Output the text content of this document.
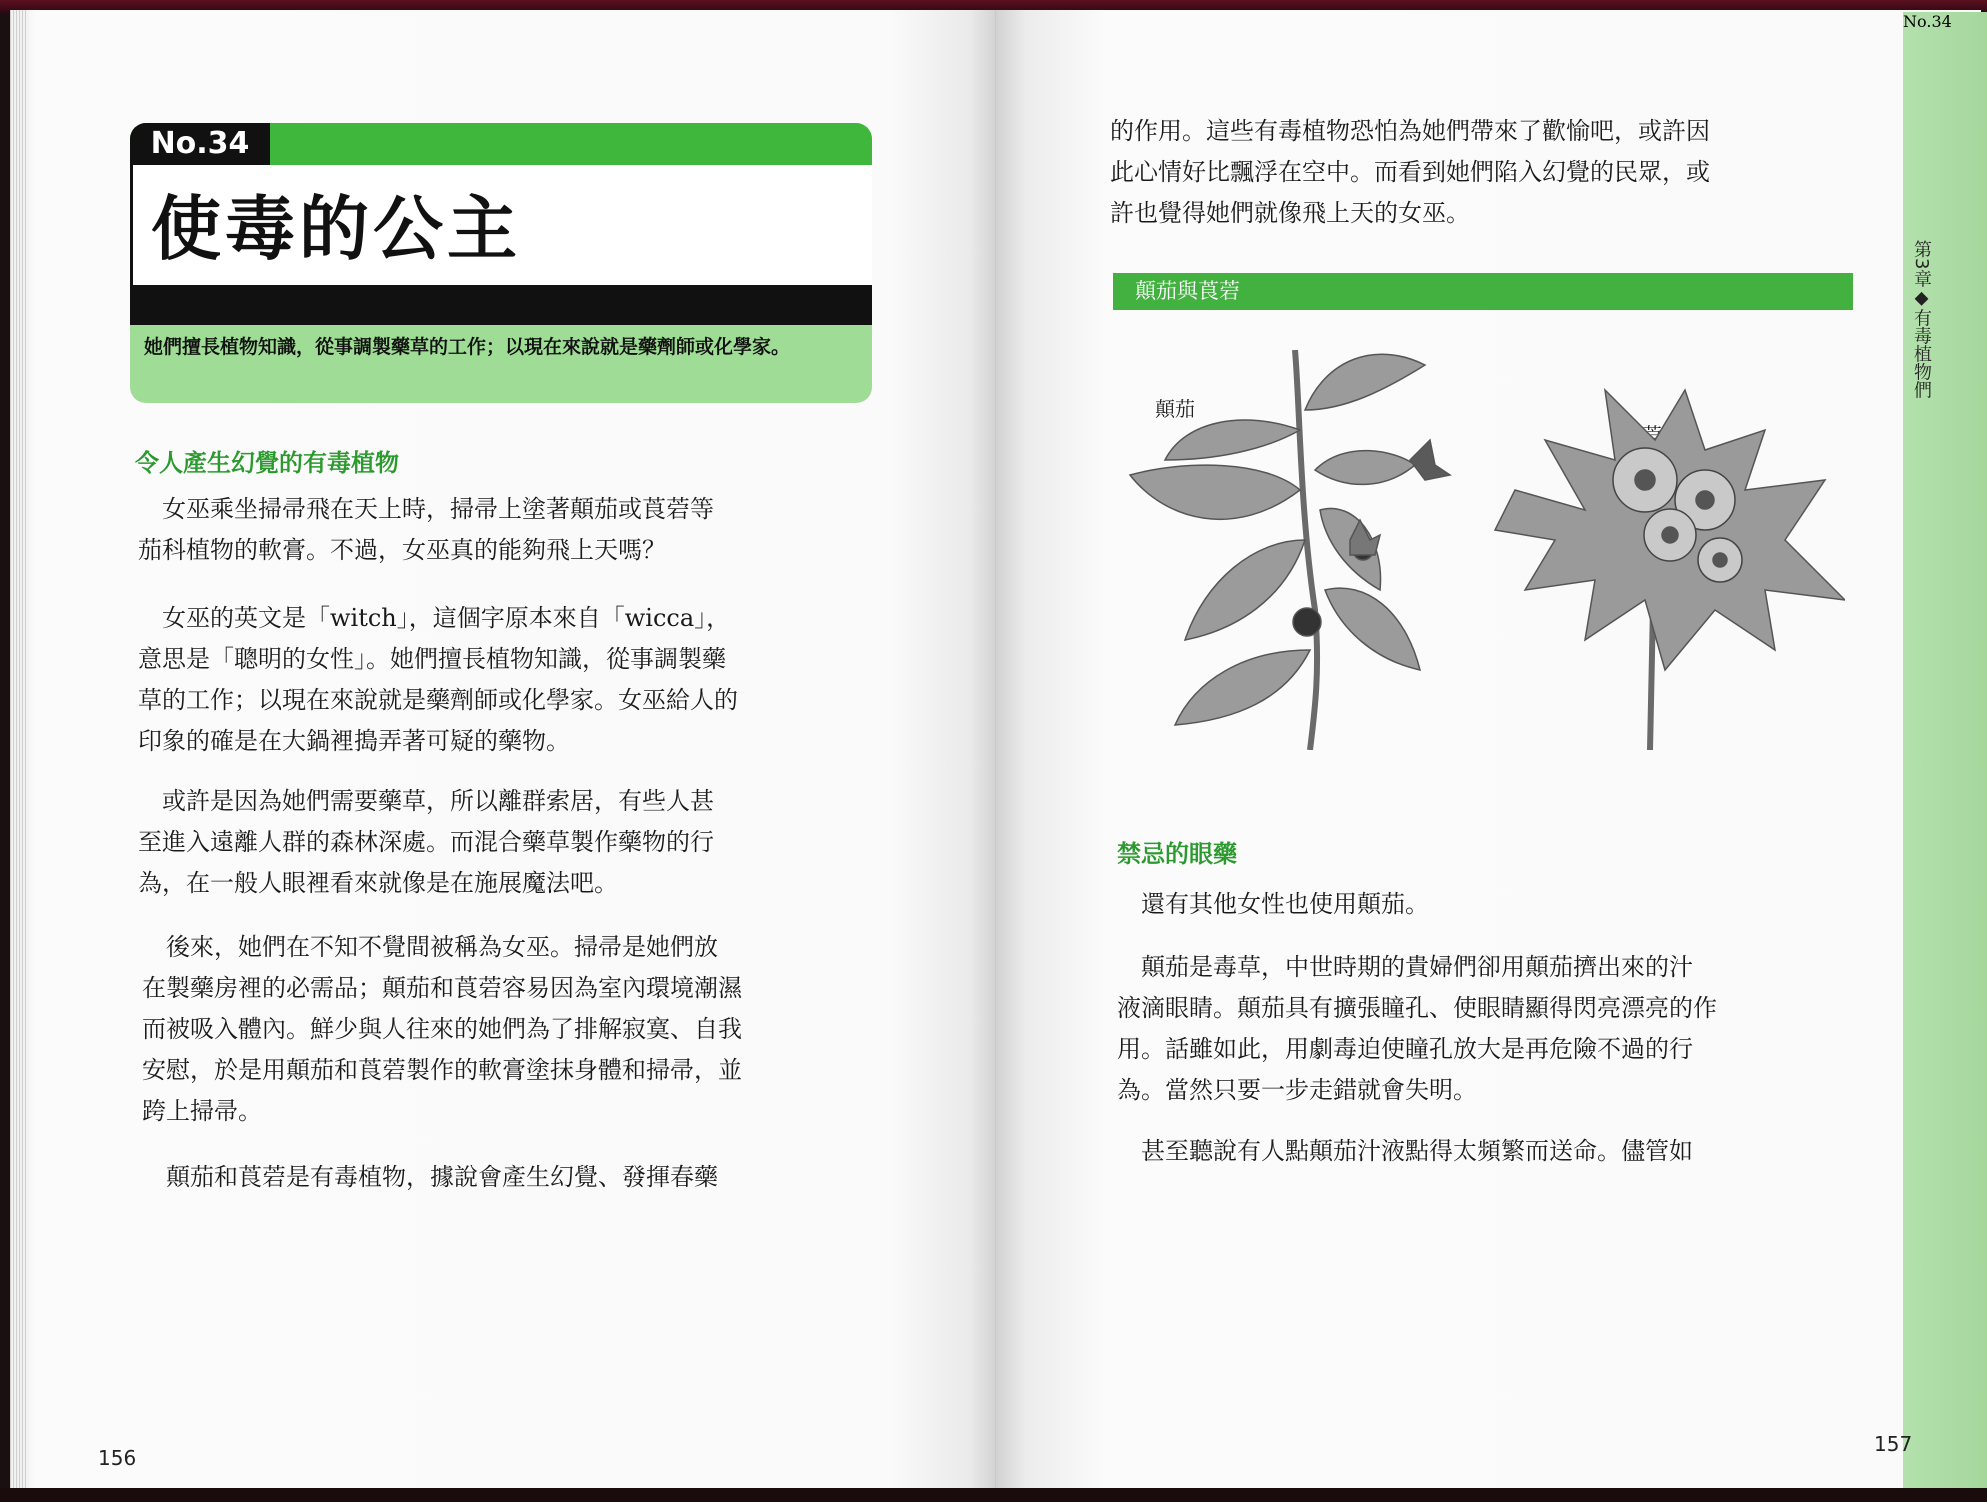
No.34
使毒的公主
她們擅長植物知識，從事調製藥草的工作；以現在來說就是藥劑師或化學家。
令人產生幻覺的有毒植物

　女巫乘坐掃帚飛在天上時，掃帚上塗著顛茄或莨菪等

茄科植物的軟膏。不過，女巫真的能夠飛上天嗎？

　女巫的英文是「witch」，這個字原本來自「wicca」，

意思是「聰明的女性」。她們擅長植物知識，從事調製藥

草的工作；以現在來說就是藥劑師或化學家。女巫給人的

印象的確是在大鍋裡搗弄著可疑的藥物。

　或許是因為她們需要藥草，所以離群索居，有些人甚

至進入遠離人群的森林深處。而混合藥草製作藥物的行

為，在一般人眼裡看來就像是在施展魔法吧。

　後來，她們在不知不覺間被稱為女巫。掃帚是她們放

在製藥房裡的必需品；顛茄和莨菪容易因為室內環境潮濕

而被吸入體內。鮮少與人往來的她們為了排解寂寞、自我

安慰，於是用顛茄和莨菪製作的軟膏塗抹身體和掃帚，並

跨上掃帚。

　顛茄和莨菪是有毒植物，據說會產生幻覺、發揮春藥

156
No.34
第3章◆有毒植物們

的作用。這些有毒植物恐怕為她們帶來了歡愉吧，或許因

此心情好比飄浮在空中。而看到她們陷入幻覺的民眾，或

許也覺得她們就像飛上天的女巫。

顛茄與莨菪
顛茄
禁忌的眼藥

　還有其他女性也使用顛茄。

　顛茄是毒草，中世時期的貴婦們卻用顛茄擠出來的汁

液滴眼睛。顛茄具有擴張瞳孔、使眼睛顯得閃亮漂亮的作

用。話雖如此，用劇毒迫使瞳孔放大是再危險不過的行

為。當然只要一步走錯就會失明。

　甚至聽說有人點顛茄汁液點得太頻繁而送命。儘管如

157
